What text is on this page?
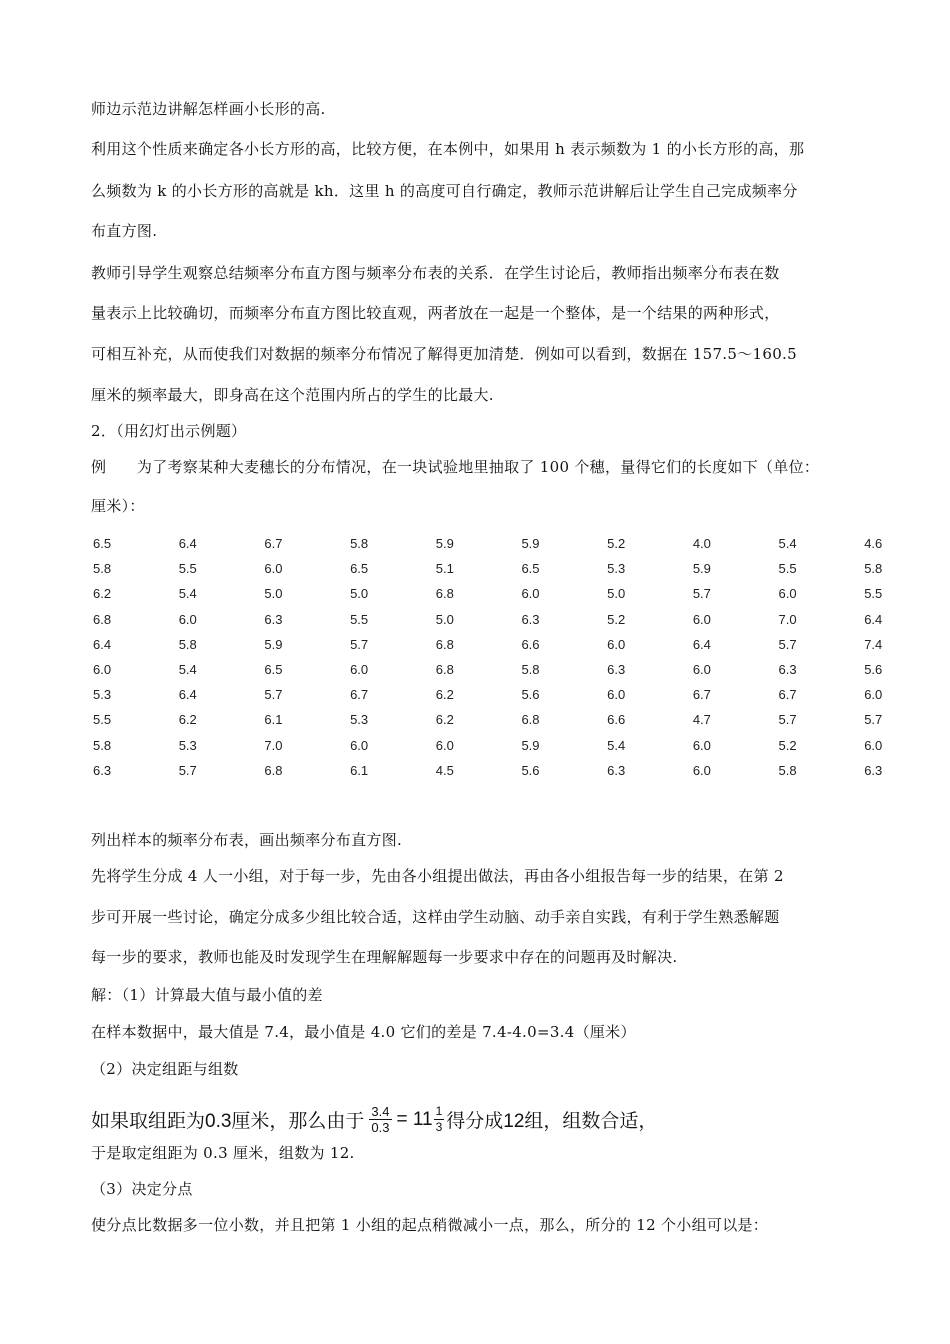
师边示范边讲解怎样画小长形的高.
利用这个性质来确定各小长方形的高，比较方便，在本例中，如果用 h 表示频数为 1 的小长方形的高，那
么频数为 k 的小长方形的高就是 kh．这里 h 的高度可自行确定，教师示范讲解后让学生自己完成频率分
布直方图.
教师引导学生观察总结频率分布直方图与频率分布表的关系．在学生讨论后，教师指出频率分布表在数
量表示上比较确切，而频率分布直方图比较直观，两者放在一起是一个整体，是一个结果的两种形式，
可相互补充，从而使我们对数据的频率分布情况了解得更加清楚．例如可以看到，数据在 157.5～160.5
厘米的频率最大，即身高在这个范围内所占的学生的比最大.
2．（用幻灯出示例题）
例　　为了考察某种大麦穗长的分布情况，在一块试验地里抽取了 100 个穗，量得它们的长度如下（单位：
厘米）：
6.5	6.4	6.7	5.8	5.9	5.9	5.2	4.0	5.4	4.6
5.8	5.5	6.0	6.5	5.1	6.5	5.3	5.9	5.5	5.8
6.2	5.4	5.0	5.0	6.8	6.0	5.0	5.7	6.0	5.5
6.8	6.0	6.3	5.5	5.0	6.3	5.2	6.0	7.0	6.4
6.4	5.8	5.9	5.7	6.8	6.6	6.0	6.4	5.7	7.4
6.0	5.4	6.5	6.0	6.8	5.8	6.3	6.0	6.3	5.6
5.3	6.4	5.7	6.7	6.2	5.6	6.0	6.7	6.7	6.0
5.5	6.2	6.1	5.3	6.2	6.8	6.6	4.7	5.7	5.7
5.8	5.3	7.0	6.0	6.0	5.9	5.4	6.0	5.2	6.0
6.3	5.7	6.8	6.1	4.5	5.6	6.3	6.0	5.8	6.3
列出样本的频率分布表，画出频率分布直方图.
先将学生分成 4 人一小组，对于每一步，先由各小组提出做法，再由各小组报告每一步的结果，在第 2
步可开展一些讨论，确定分成多少组比较合适，这样由学生动脑、动手亲自实践，有利于学生熟悉解题
每一步的要求，教师也能及时发现学生在理解解题每一步要求中存在的问题再及时解决.
解：（1）计算最大值与最小值的差
在样本数据中，最大值是 7.4，最小值是 4.0 它们的差是 7.4-4.0=3.4（厘米）
（2）决定组距与组数
如果取组距为0.3厘米，那么由于 $\frac{3.4}{0.3} = 11 \frac{1}{3}$ 得分成12组，组数合适，
于是取定组距为 0.3 厘米，组数为 12.
（3）决定分点
使分点比数据多一位小数，并且把第 1 小组的起点稍微减小一点，那么，所分的 12 个小组可以是：
